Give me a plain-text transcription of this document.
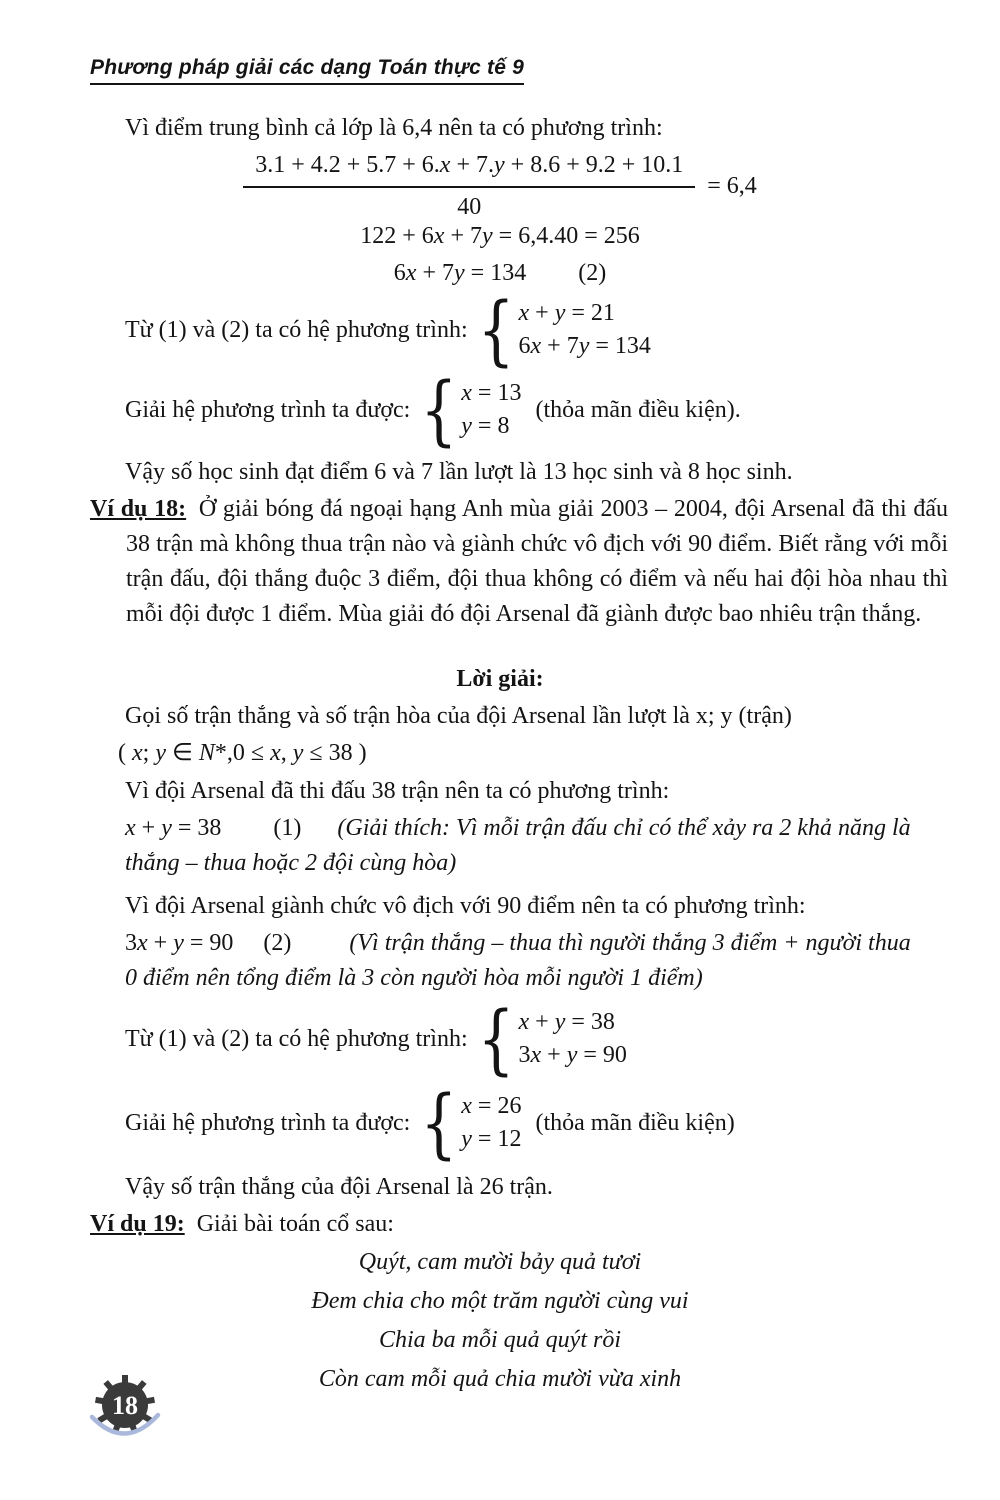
Phương pháp giải các dạng Toán thực tế 9
Vì điểm trung bình cả lớp là 6,4 nên ta có phương trình:
$\frac{3.1 + 4.2 + 5.7 + 6.x + 7.y + 8.6 + 9.2 + 10.1}{40} = 6,4$
122 + 6x + 7y = 6,4.40 = 256
6x + 7y = 134 (2)
Từ (1) và (2) ta có hệ phương trình: { x + y = 21
6x + 7y = 134
Giải hệ phương trình ta được: { x = 13
y = 8
(thỏa mãn điều kiện).
Vậy số học sinh đạt điểm 6 và 7 lần lượt là 13 học sinh và 8 học sinh.
Ví dụ 18: Ở giải bóng đá ngoại hạng Anh mùa giải 2003 – 2004, đội Arsenal đã thi đấu 38 trận mà không thua trận nào và giành chức vô địch với 90 điểm. Biết rằng với mỗi trận đấu, đội thắng đuộc 3 điểm, đội thua không có điểm và nếu hai đội hòa nhau thì mỗi đội được 1 điểm. Mùa giải đó đội Arsenal đã giành được bao nhiêu trận thắng.
Lời giải:
Gọi số trận thắng và số trận hòa của đội Arsenal lần lượt là x; y (trận)
( x; y ∈ N*,0 ≤ x, y ≤ 38 )
Vì đội Arsenal đã thi đấu 38 trận nên ta có phương trình:
x + y = 38 (1) (Giải thích: Vì mỗi trận đấu chỉ có thể xảy ra 2 khả năng là thắng – thua hoặc 2 đội cùng hòa)
Vì đội Arsenal giành chức vô địch với 90 điểm nên ta có phương trình:
3x + y = 90 (2) (Vì trận thắng – thua thì người thắng 3 điểm + người thua 0 điểm nên tổng điểm là 3 còn người hòa mỗi người 1 điểm)
Từ (1) và (2) ta có hệ phương trình: { x + y = 38
3x + y = 90
Giải hệ phương trình ta được: { x = 26
y = 12
(thỏa mãn điều kiện)
Vậy số trận thắng của đội Arsenal là 26 trận.
Ví dụ 19: Giải bài toán cổ sau:
Quýt, cam mười bảy quả tươi
Đem chia cho một trăm người cùng vui
Chia ba mỗi quả quýt rồi
Còn cam mỗi quả chia mười vừa xinh
18
